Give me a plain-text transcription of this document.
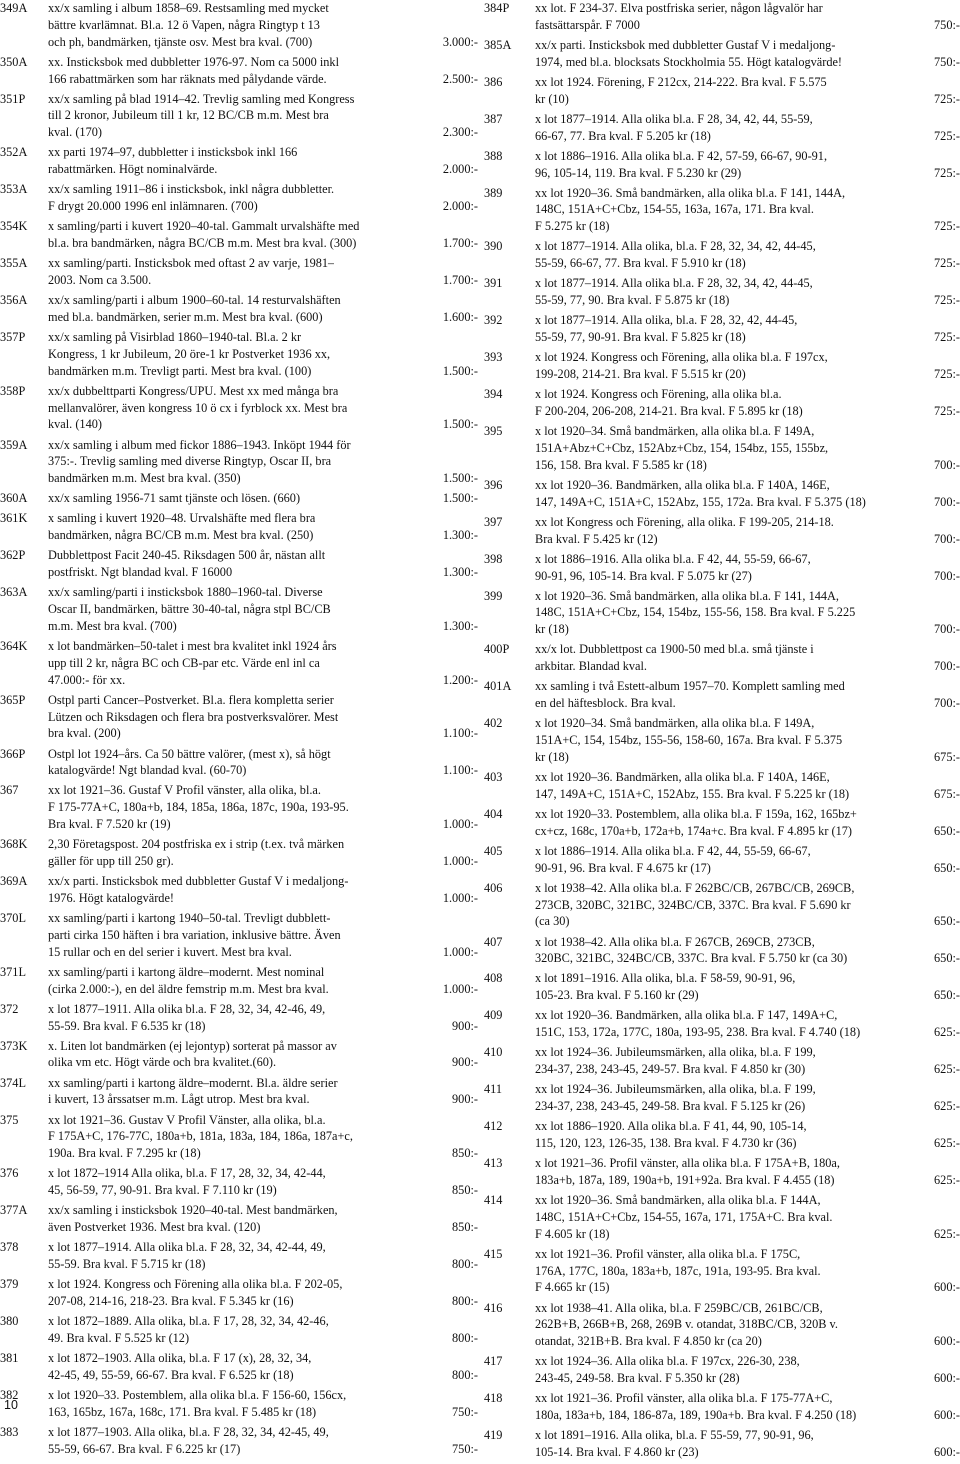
349A	xx/x samling i album 1858–69. Restsamling med mycket
bättre kvarlämnat. Bl.a. 12 ö Vapen, några Ringtyp t 13
och ph, bandmärken, tjänste osv. Mest bra kval. (700)	3.000:-
350A	xx. Insticksbok med dubbletter 1976-97. Nom ca 5000 inkl
166 rabattmärken som har räknats med pålydande värde.	2.500:-
351P	xx/x samling på blad 1914–42. Trevlig samling med Kongress
till 2 kronor, Jubileum till 1 kr, 12 BC/CB m.m. Mest bra
kval. (170)	2.300:-
352A	xx parti 1974–97, dubbletter i insticksbok inkl 166
rabattmärken. Högt nominalvärde.	2.000:-
353A	xx/x samling 1911–86 i insticksbok, inkl några dubbletter.
F drygt 20.000 1996 enl inlämnaren. (700)	2.000:-
354K	x samling/parti i kuvert 1920–40-tal. Gammalt urvalshäfte med
bl.a. bra bandmärken, några BC/CB m.m. Mest bra kval. (300)	1.700:-
355A	xx samling/parti. Insticksbok med oftast 2 av varje, 1981–
2003. Nom ca 3.500.	1.700:-
356A	xx/x samling/parti i album 1900–60-tal. 14 resturvalshäften
med bl.a. bandmärken, serier m.m. Mest bra kval. (600)	1.600:-
357P	xx/x samling på Visirblad 1860–1940-tal. Bl.a. 2 kr
Kongress, 1 kr Jubileum, 20 öre-1 kr Postverket 1936 xx,
bandmärken m.m. Trevligt parti. Mest bra kval. (100)	1.500:-
358P	xx/x dubbelttparti Kongress/UPU. Mest xx med många bra
mellanvalörer, även kongress 10 ö cx i fyrblock xx. Mest bra
kval. (140)	1.500:-
359A	xx/x samling i album med fickor 1886–1943. Inköpt 1944 för
375:-. Trevlig samling med diverse Ringtyp, Oscar II, bra
bandmärken m.m. Mest bra kval. (350)	1.500:-
360A	xx/x samling 1956-71 samt tjänste och lösen. (660)	1.500:-
361K	x samling i kuvert 1920–48. Urvalshäfte med flera bra
bandmärken, några BC/CB m.m. Mest bra kval. (250)	1.300:-
362P	Dubblettpost Facit 240-45. Riksdagen 500 år, nästan allt
postfriskt. Ngt blandad kval. F 16000	1.300:-
363A	xx/x samling/parti i insticksbok 1880–1960-tal. Diverse
Oscar II, bandmärken, bättre 30-40-tal, några stpl BC/CB
m.m. Mest bra kval. (700)	1.300:-
364K	x lot bandmärken–50-talet i mest bra kvalitet inkl 1924 års
upp till 2 kr, några BC och CB-par etc. Värde enl inl ca
47.000:- för xx.	1.200:-
365P	Ostpl parti Cancer–Postverket. Bl.a. flera kompletta serier
Lützen och Riksdagen och flera bra postverksvalörer. Mest
bra kval. (200)	1.100:-
366P	Ostpl lot 1924–års. Ca 50 bättre valörer, (mest x), så högt
katalogvärde! Ngt blandad kval. (60-70)	1.100:-
367	xx lot 1921–36. Gustaf V Profil vänster, alla olika, bl.a.
F 175-77A+C, 180a+b, 184, 185a, 186a, 187c, 190a, 193-95.
Bra kval. F 7.520 kr (19)	1.000:-
368K	2,30 Företagspost. 204 postfriska ex i strip (t.ex. två märken
gäller för upp till 250 gr).	1.000:-
369A	xx/x parti. Insticksbok med dubbletter Gustaf V i medaljong-
1976. Högt katalogvärde!	1.000:-
370L	xx samling/parti i kartong 1940–50-tal. Trevligt dubblett-
parti cirka 150 häften i bra variation, inklusive bättre. Även
15 rullar och en del serier i kuvert. Mest bra kval.	1.000:-
371L	xx samling/parti i kartong äldre–modernt. Mest nominal
(cirka 2.000:-), en del äldre femstrip m.m. Mest bra kval.	1.000:-
372	x lot 1877–1911. Alla olika bl.a. F 28, 32, 34, 42-46, 49,
55-59. Bra kval. F 6.535 kr (18)	900:-
373K	x. Liten lot bandmärken (ej lejontyp) sorterat på massor av
olika vm etc. Högt värde och bra kvalitet.(60).	900:-
374L	xx samling/parti i kartong äldre–modernt. Bl.a. äldre serier
i kuvert, 13 årssatser m.m. Lågt utrop. Mest bra kval.	900:-
375	xx lot 1921–36. Gustav V Profil Vänster, alla olika, bl.a.
F 175A+C, 176-77C, 180a+b, 181a, 183a, 184, 186a, 187a+c,
190a. Bra kval. F 7.295 kr (18)	850:-
376	x lot 1872–1914 Alla olika, bl.a. F 17, 28, 32, 34, 42-44,
45, 56-59, 77, 90-91. Bra kval. F 7.110 kr (19)	850:-
377A	xx/x samling i insticksbok 1920–40-tal. Mest bandmärken,
även Postverket 1936. Mest bra kval. (120)	850:-
378	x lot 1877–1914. Alla olika bl.a. F 28, 32, 34, 42-44, 49,
55-59. Bra kval. F 5.715 kr (18)	800:-
379	x lot 1924. Kongress och Förening alla olika bl.a. F 202-05,
207-08, 214-16, 218-23. Bra kval. F 5.345 kr (16)	800:-
380	x lot 1872–1889. Alla olika, bl.a. F 17, 28, 32, 34, 42-46,
49. Bra kval. F 5.525 kr (12)	800:-
381	x lot 1872–1903. Alla olika, bl.a. F 17 (x), 28, 32, 34,
42-45, 49, 55-59, 66-67. Bra kval. F 6.525 kr (18)	800:-
382	x lot 1920–33. Postemblem, alla olika bl.a. F 156-60, 156cx,
163, 165bz, 167a, 168c, 171. Bra kval. F 5.485 kr (18)	750:-
383	x lot 1877–1903. Alla olika, bl.a. F 28, 32, 34, 42-45, 49,
55-59, 66-67. Bra kval. F 6.225 kr (17)	750:-
384P	xx lot. F 234-37. Elva postfriska serier, någon lågvalör har
fastsättarspår. F 7000	750:-
385A	xx/x parti. Insticksbok med dubbletter Gustaf V i medaljong-
1974, med bl.a. blocksats Stockholmia 55. Högt katalogvärde!	750:-
386	xx lot 1924. Förening, F 212cx, 214-222. Bra kval. F 5.575
kr (10)	725:-
387	x lot 1877–1914. Alla olika bl.a. F 28, 34, 42, 44, 55-59,
66-67, 77. Bra kval. F 5.205 kr (18)	725:-
388	x lot 1886–1916. Alla olika bl.a. F 42, 57-59, 66-67, 90-91,
96, 105-14, 119. Bra kval. F 5.230 kr (29)	725:-
389	xx lot 1920–36. Små bandmärken, alla olika bl.a. F 141, 144A,
148C, 151A+C+Cbz, 154-55, 163a, 167a, 171. Bra kval.
F 5.275 kr (18)	725:-
390	x lot 1877–1914. Alla olika, bl.a. F 28, 32, 34, 42, 44-45,
55-59, 66-67, 77. Bra kval. F 5.910 kr (18)	725:-
391	x lot 1877–1914. Alla olika bl.a. F 28, 32, 34, 42, 44-45,
55-59, 77, 90. Bra kval. F 5.875 kr (18)	725:-
392	x lot 1877–1914. Alla olika, bl.a. F 28, 32, 42, 44-45,
55-59, 77, 90-91. Bra kval. F 5.825 kr (18)	725:-
393	x lot 1924. Kongress och Förening, alla olika bl.a. F 197cx,
199-208, 214-21. Bra kval. F 5.515 kr (20)	725:-
394	x lot 1924. Kongress och Förening, alla olika bl.a.
F 200-204, 206-208, 214-21. Bra kval. F 5.895 kr (18)	725:-
395	x lot 1920–34. Små bandmärken, alla olika bl.a. F 149A,
151A+Abz+C+Cbz, 152Abz+Cbz, 154, 154bz, 155, 155bz,
156, 158. Bra kval. F 5.585 kr (18)	700:-
396	xx lot 1920–36. Bandmärken, alla olika bl.a. F 140A, 146E,
147, 149A+C, 151A+C, 152Abz, 155, 172a. Bra kval. F 5.375 (18)	700:-
397	xx lot Kongress och Förening, alla olika. F 199-205, 214-18.
Bra kval. F 5.425 kr (12)	700:-
398	x lot 1886–1916. Alla olika bl.a. F 42, 44, 55-59, 66-67,
90-91, 96, 105-14. Bra kval. F 5.075 kr (27)	700:-
399	x lot 1920–36. Små bandmärken, alla olika bl.a. F 141, 144A,
148C, 151A+C+Cbz, 154, 154bz, 155-56, 158. Bra kval. F 5.225
kr (18)	700:-
400P	xx/x lot. Dubblettpost ca 1900-50 med bl.a. små tjänste i
arkbitar. Blandad kval.	700:-
401A	xx samling i två Estett-album 1957–70. Komplett samling med
en del häftesblock. Bra kval.	700:-
402	x lot 1920–34. Små bandmärken, alla olika bl.a. F 149A,
151A+C, 154, 154bz, 155-56, 158-60, 167a. Bra kval. F 5.375
kr (18)	675:-
403	xx lot 1920–36. Bandmärken, alla olika bl.a. F 140A, 146E,
147, 149A+C, 151A+C, 152Abz, 155. Bra kval. F 5.225 kr (18)	675:-
404	xx lot 1920–33. Postemblem, alla olika bl.a. F 159a, 162, 165bz+
cx+cz, 168c, 170a+b, 172a+b, 174a+c. Bra kval. F 4.895 kr (17)	650:-
405	x lot 1886–1914. Alla olika bl.a. F 42, 44, 55-59, 66-67,
90-91, 96. Bra kval. F 4.675 kr (17)	650:-
406	x lot 1938–42. Alla olika bl.a. F 262BC/CB, 267BC/CB, 269CB,
273CB, 320BC, 321BC, 324BC/CB, 337C. Bra kval. F 5.690 kr
(ca 30)	650:-
407	x lot 1938–42. Alla olika bl.a. F 267CB, 269CB, 273CB,
320BC, 321BC, 324BC/CB, 337C. Bra kval. F 5.750 kr (ca 30)	650:-
408	x lot 1891–1916. Alla olika, bl.a. F 58-59, 90-91, 96,
105-23. Bra kval. F 5.160 kr (29)	650:-
409	xx lot 1920–36. Bandmärken, alla olika bl.a. F 147, 149A+C,
151C, 153, 172a, 177C, 180a, 193-95, 238. Bra kval. F 4.740 (18)	625:-
410	xx lot 1924–36. Jubileumsmärken, alla olika, bl.a. F 199,
234-37, 238, 243-45, 249-57. Bra kval. F 4.850 kr (30)	625:-
411	xx lot 1924–36. Jubileumsmärken, alla olika, bl.a. F 199,
234-37, 238, 243-45, 249-58. Bra kval. F 5.125 kr (26)	625:-
412	xx lot 1886–1920. Alla olika bl.a. F 41, 44, 90, 105-14,
115, 120, 123, 126-35, 138. Bra kval. F 4.730 kr (36)	625:-
413	x lot 1921–36. Profil vänster, alla olika bl.a. F 175A+B, 180a,
183a+b, 187a, 189, 190a+b, 191+92a. Bra kval. F 4.455 (18)	625:-
414	xx lot 1920–36. Små bandmärken, alla olika bl.a. F 144A,
148C, 151A+C+Cbz, 154-55, 167a, 171, 175A+C. Bra kval.
F 4.605 kr (18)	625:-
415	xx lot 1921–36. Profil vänster, alla olika bl.a. F 175C,
176A, 177C, 180a, 183a+b, 187c, 191a, 193-95. Bra kval.
F 4.665 kr (15)	600:-
416	xx lot 1938–41. Alla olika, bl.a. F 259BC/CB, 261BC/CB,
262B+B, 266B+B, 268, 269B v. otandat, 318BC/CB, 320B v.
otandat, 321B+B. Bra kval. F 4.850 kr (ca 20)	600:-
417	xx lot 1924–36. Alla olika bl.a. F 197cx, 226-30, 238,
243-45, 249-58. Bra kval. F 5.350 kr (28)	600:-
418	xx lot 1921–36. Profil vänster, alla olika bl.a. F 175-77A+C,
180a, 183a+b, 184, 186-87a, 189, 190a+b. Bra kval. F 4.250 (18)	600:-
419	x lot 1891–1916. Alla olika, bl.a. F 55-59, 77, 90-91, 96,
105-14. Bra kval. F 4.860 kr (23)	600:-
10
